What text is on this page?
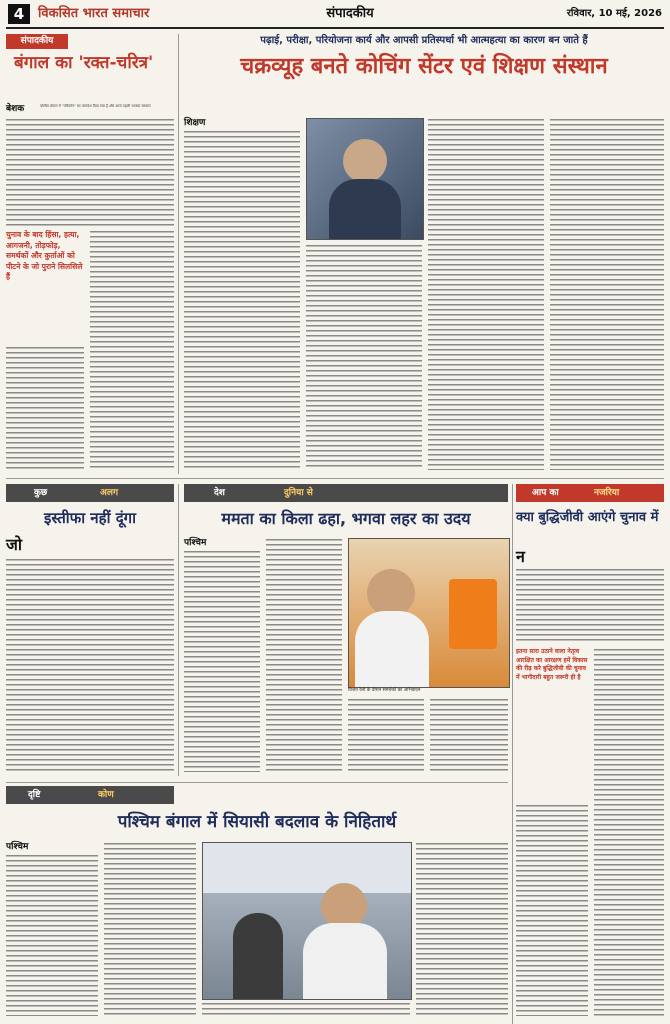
4	विकसित भारत समाचार	संपादकीय	रविवार, 10 मई, 2026
संपादकीय
बंगाल का 'रक्त-चरित्र'
बेशक	पश्चिम बंगाल में "परिवर्तन" का जनादेश दिया गया है और आज पहली भाजपा सरकार
चुनाव के बाद हिंसा, हत्या, आगजनी, तोड़फोड़, समर्थकों और कुर्ताओं को पीटने के जो पुराने सिलसिले हैं
पढ़ाई, परीक्षा, परियोजना कार्य और आपसी प्रतिस्पर्धा भी आत्महत्या का कारण बन जाते हैं
चक्रव्यूह बनते कोचिंग सेंटर एवं शिक्षण संस्थान
शिक्षण
कुछ	अलग
इस्तीफा नहीं दूंगा
जो
देश	दुनिया से
ममता का किला ढहा, भगवा लहर का उदय
पश्चिम
विजय रैली के दौरान समर्थकों का अभिवादन
आप का	नजरिया
क्या बुद्धिजीवी आएंगे चुनाव में
न
इतना सारा उठाने वाला नेतृत्व आरक्षित का आरक्षण हमें विकास की रीढ़ करे बुद्धिजीवी की चुनाव में भागीदारी बहुत जरूरी ही है
दृष्टि	कोण
पश्चिम बंगाल में सियासी बदलाव के निहितार्थ
पश्चिम
